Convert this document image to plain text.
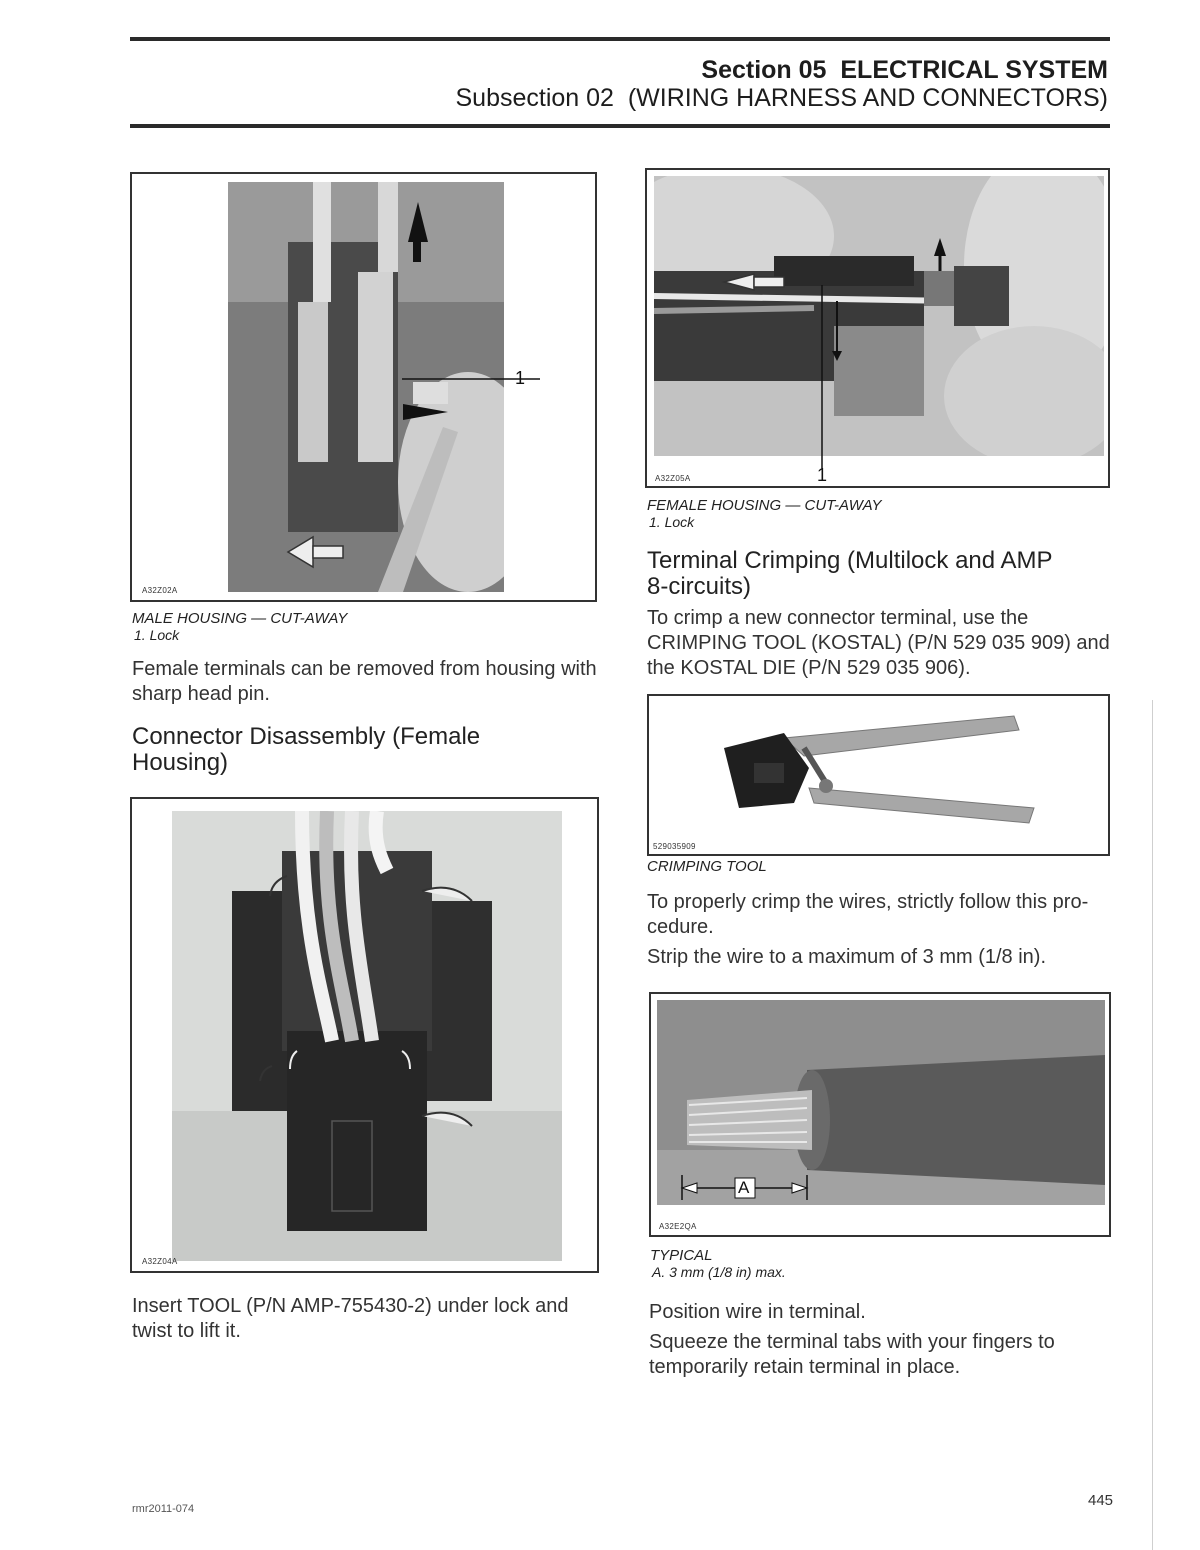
Section 05 ELECTRICAL SYSTEM
Subsection 02 (WIRING HARNESS AND CONNECTORS)
1
A32Z02A
MALE HOUSING — CUT-AWAY
1. Lock
Female terminals can be removed from housing with sharp head pin.
Connector Disassembly (Female
Housing)
A32Z04A
Insert TOOL (P/N AMP-755430-2) under lock and
twist to lift it.
1
A32Z05A
FEMALE HOUSING — CUT-AWAY
1. Lock
Terminal Crimping (Multilock and AMP
8-circuits)
To crimp a new connector terminal, use the
CRIMPING TOOL (KOSTAL) (P/N 529 035 909) and
the KOSTAL DIE (P/N 529 035 906).
529035909
CRIMPING TOOL
To properly crimp the wires, strictly follow this pro-
cedure.
Strip the wire to a maximum of 3 mm (1/8 in).
A
A32E2QA
TYPICAL
A. 3 mm (1/8 in) max.
Position wire in terminal.
Squeeze the terminal tabs with your fingers to
temporarily retain terminal in place.
rmr2011-074	445
